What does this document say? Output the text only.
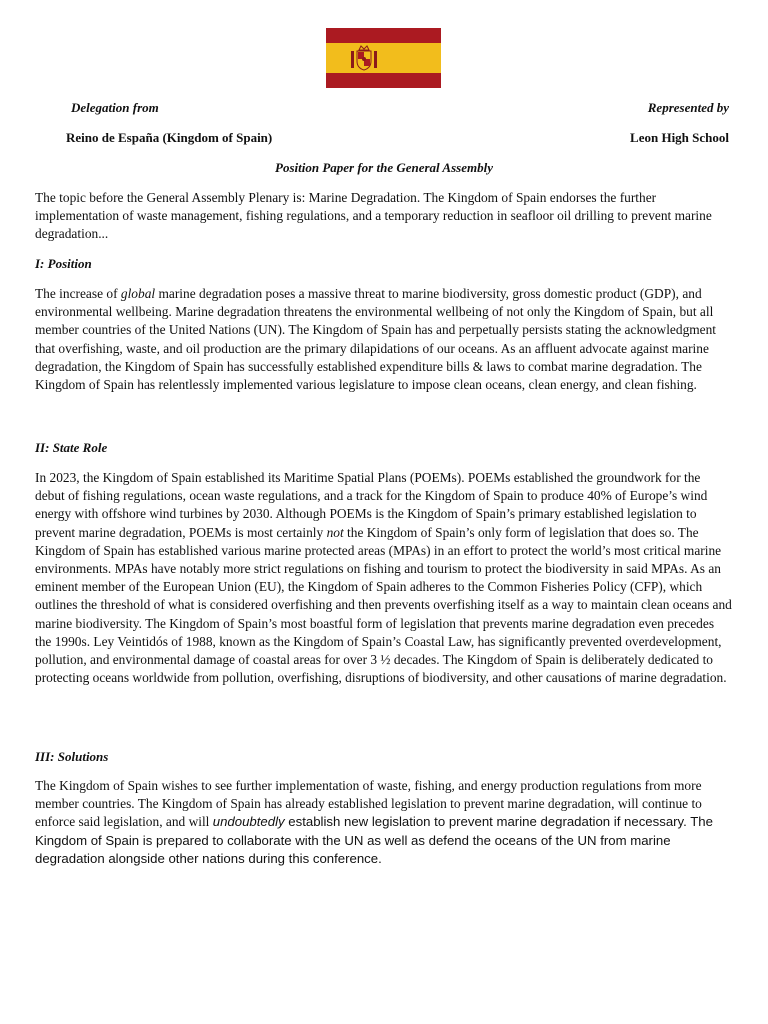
Delegation from	Represented by
Reino de España (Kingdom of Spain)	Leon High School
Position Paper for the General Assembly

The topic before the General Assembly Plenary is: Marine Degradation. The Kingdom of Spain endorses the further implementation of waste management, fishing regulations, and a temporary reduction in seafloor oil drilling to prevent marine degradation...

I: Position

The increase of global marine degradation poses a massive threat to marine biodiversity, gross domestic product (GDP), and environmental wellbeing. Marine degradation threatens the environmental wellbeing of not only the Kingdom of Spain, but all member countries of the United Nations (UN). The Kingdom of Spain has and perpetually persists stating the acknowledgment that overfishing, waste, and oil production are the primary dilapidations of our oceans. As an affluent advocate against marine degradation, the Kingdom of Spain has successfully established expenditure bills & laws to combat marine degradation. The Kingdom of Spain has relentlessly implemented various legislature to impose clean oceans, clean energy, and clean fishing.

II: State Role

In 2023, the Kingdom of Spain established its Maritime Spatial Plans (POEMs). POEMs established the groundwork for the debut of fishing regulations, ocean waste regulations, and a track for the Kingdom of Spain to produce 40% of Europe’s wind energy with offshore wind turbines by 2030. Although POEMs is the Kingdom of Spain’s primary established legislation to prevent marine degradation, POEMs is most certainly not the Kingdom of Spain’s only form of legislation that does so. The Kingdom of Spain has established various marine protected areas (MPAs) in an effort to protect the world’s most critical marine environments. MPAs have notably more strict regulations on fishing and tourism to protect the biodiversity in said MPAs. As an eminent member of the European Union (EU), the Kingdom of Spain adheres to the Common Fisheries Policy (CFP), which outlines the threshold of what is considered overfishing and then prevents overfishing itself as a way to maintain clean oceans and marine biodiversity. The Kingdom of Spain’s most boastful form of legislation that prevents marine degradation even precedes the 1990s. Ley Veintidós of 1988, known as the Kingdom of Spain’s Coastal Law, has significantly prevented overdevelopment, pollution, and environmental damage of coastal areas for over 3 ½ decades. The Kingdom of Spain is deliberately dedicated to protecting oceans worldwide from pollution, overfishing, disruptions of biodiversity, and other causations of marine degradation.

III: Solutions

The Kingdom of Spain wishes to see further implementation of waste, fishing, and energy production regulations from more member countries. The Kingdom of Spain has already established legislation to prevent marine degradation, will continue to enforce said legislation, and will undoubtedly establish new legislation to prevent marine degradation if necessary. The Kingdom of Spain is prepared to collaborate with the UN as well as defend the oceans of the UN from marine degradation alongside other nations during this conference.
